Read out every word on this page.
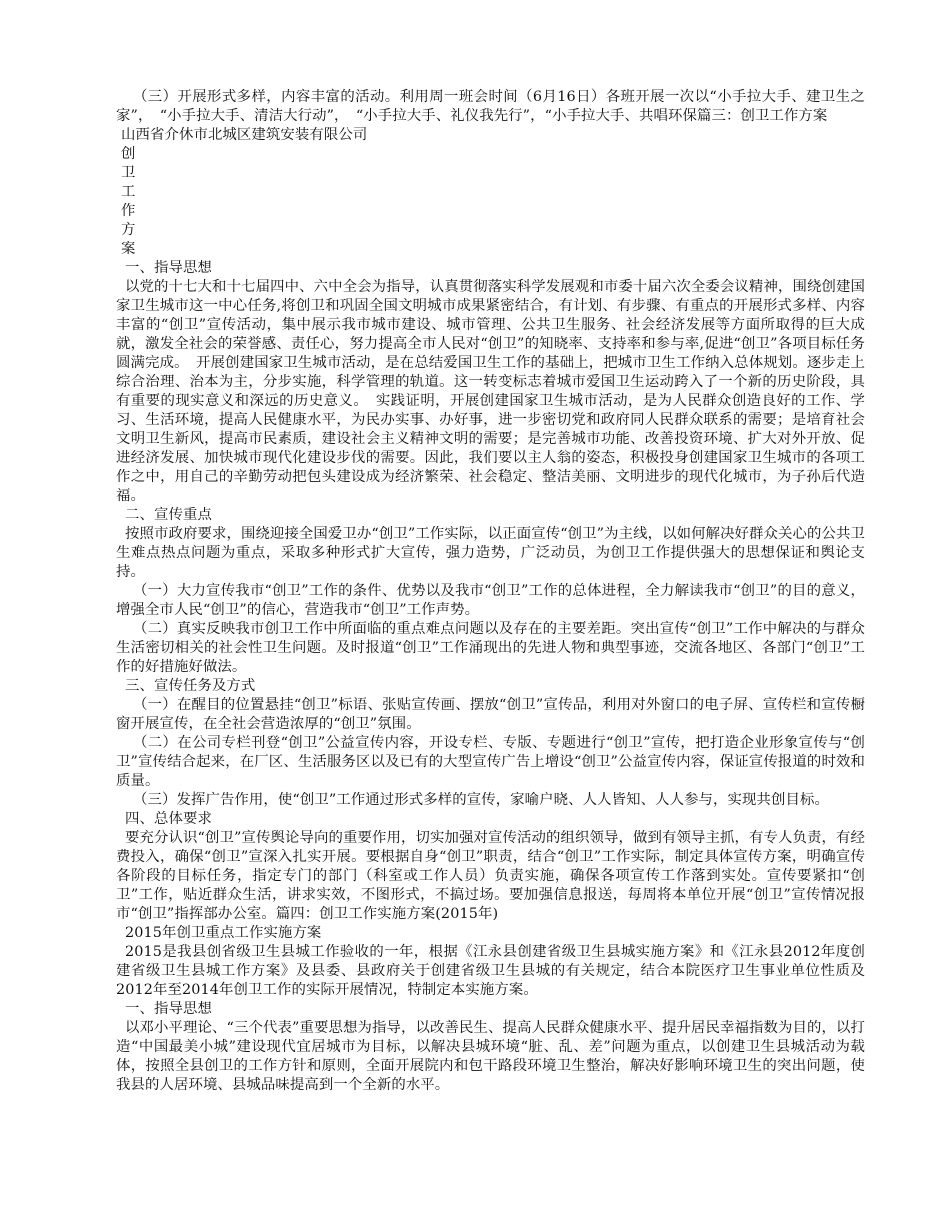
（三）开展形式多样，内容丰富的活动。利用周一班会时间（6月16日）各班开展一次以“小手拉大手、建卫生之家”，　“小手拉大手、清洁大行动”，　“小手拉大手、礼仪我先行”，“小手拉大手、共唱环保篇三：创卫工作方案

山西省介休市北城区建筑安装有限公司

创

卫

工

作

方

案

一、指导思想

以党的十七大和十七届四中、六中全会为指导，认真贯彻落实科学发展观和市委十届六次全委会议精神，围绕创建国家卫生城市这一中心任务,将创卫和巩固全国文明城市成果紧密结合，有计划、有步骤、有重点的开展形式多样、内容丰富的“创卫”宣传活动，集中展示我市城市建设、城市管理、公共卫生服务、社会经济发展等方面所取得的巨大成就，激发全社会的荣誉感、责任心，努力提高全市人民对“创卫”的知晓率、支持率和参与率,促进“创卫”各项目标任务圆满完成。　开展创建国家卫生城市活动，是在总结爱国卫生工作的基础上，把城市卫生工作纳入总体规划。逐步走上综合治理、治本为主，分步实施，科学管理的轨道。这一转变标志着城市爱国卫生运动跨入了一个新的历史阶段，具有重要的现实意义和深远的历史意义。　实践证明，开展创建国家卫生城市活动，是为人民群众创造良好的工作、学习、生活环境，提高人民健康水平，为民办实事、办好事，进一步密切党和政府同人民群众联系的需要；是培育社会文明卫生新风，提高市民素质，建设社会主义精神文明的需要；是完善城市功能、改善投资环境、扩大对外开放、促进经济发展、加快城市现代化建设步伐的需要。因此，我们要以主人翁的姿态，积极投身创建国家卫生城市的各项工作之中，用自己的辛勤劳动把包头建设成为经济繁荣、社会稳定、整洁美丽、文明进步的现代化城市，为子孙后代造福。

二、宣传重点

按照市政府要求，围绕迎接全国爱卫办“创卫”工作实际，以正面宣传“创卫”为主线，以如何解决好群众关心的公共卫生难点热点问题为重点，采取多种形式扩大宣传，强力造势，广泛动员，为创卫工作提供强大的思想保证和舆论支持。

（一）大力宣传我市“创卫”工作的条件、优势以及我市“创卫”工作的总体进程，全力解读我市“创卫”的目的意义，增强全市人民“创卫”的信心，营造我市“创卫”工作声势。

（二）真实反映我市创卫工作中所面临的重点难点问题以及存在的主要差距。突出宣传“创卫”工作中解决的与群众生活密切相关的社会性卫生问题。及时报道“创卫”工作涌现出的先进人物和典型事迹，交流各地区、各部门“创卫”工作的好措施好做法。

三、宣传任务及方式

（一）在醒目的位置悬挂“创卫”标语、张贴宣传画、摆放“创卫”宣传品，利用对外窗口的电子屏、宣传栏和宣传橱窗开展宣传，在全社会营造浓厚的“创卫”氛围。

（二）在公司专栏刊登“创卫”公益宣传内容，开设专栏、专版、专题进行“创卫”宣传，把打造企业形象宣传与“创卫”宣传结合起来，在厂区、生活服务区以及已有的大型宣传广告上增设“创卫”公益宣传内容，保证宣传报道的时效和质量。

（三）发挥广告作用，使“创卫”工作通过形式多样的宣传，家喻户晓、人人皆知、人人参与，实现共创目标。

四、总体要求

要充分认识“创卫”宣传舆论导向的重要作用，切实加强对宣传活动的组织领导，做到有领导主抓，有专人负责，有经费投入，确保“创卫”宣深入扎实开展。要根据自身“创卫”职责，结合“创卫”工作实际，制定具体宣传方案，明确宣传各阶段的目标任务，指定专门的部门（科室或工作人员）负责实施，确保各项宣传工作落到实处。宣传要紧扣“创卫”工作，贴近群众生活，讲求实效，不图形式，不搞过场。要加强信息报送，每周将本单位开展“创卫”宣传情况报市“创卫”指挥部办公室。篇四：创卫工作实施方案(2015年)

2015年创卫重点工作实施方案

2015是我县创省级卫生县城工作验收的一年，根据《江永县创建省级卫生县城实施方案》和《江永县2012年度创建省级卫生县城工作方案》及县委、县政府关于创建省级卫生县城的有关规定，结合本院医疗卫生事业单位性质及2012年至2014年创卫工作的实际开展情况，特制定本实施方案。

一、指导思想

以邓小平理论、“三个代表”重要思想为指导，以改善民生、提高人民群众健康水平、提升居民幸福指数为目的，以打造“中国最美小城”建设现代宜居城市为目标，以解决县城环境“脏、乱、差”问题为重点，以创建卫生县城活动为载体，按照全县创卫的工作方针和原则，全面开展院内和包干路段环境卫生整治，解决好影响环境卫生的突出问题，使我县的人居环境、县城品味提高到一个全新的水平。
